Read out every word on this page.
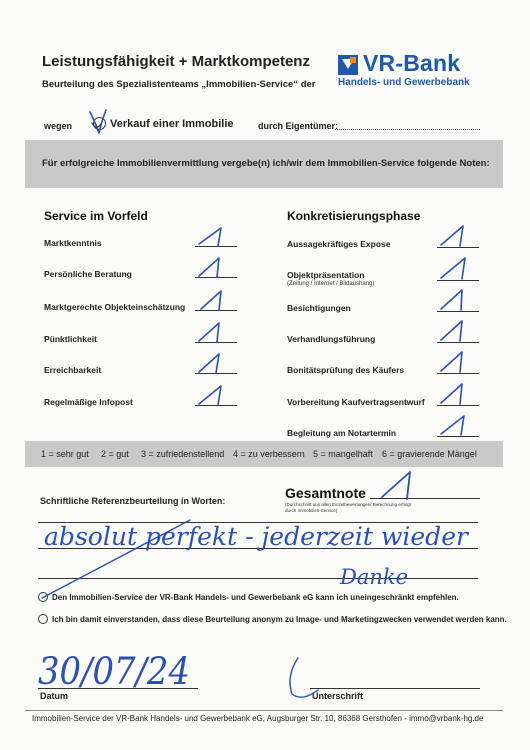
Leistungsfähigkeit + Marktkompetenz
Beurteilung des Spezialistenteams „Immobilien-Service“ der
VR-Bank
Handels- und Gewerbebank
wegen	Verkauf einer Immobilie	durch Eigentümer:
Für erfolgreiche Immobilienvermittlung vergebe(n) ich/wir dem Immobilien-Service folgende Noten:
Service im Vorfeld	Konkretisierungsphase
Marktkenntnis
Persönliche Beratung
Marktgerechte Objekteinschätzung
Pünktlichkeit
Erreichbarkeit
Regelmäßige Infopost
Aussagekräftiges Expose
Objektpräsentation
(Zeitung / Internet / Bildaushang)
Besichtigungen
Verhandlungsführung
Bonitätsprüfung des Käufers
Vorbereitung Kaufvertragsentwurf
Begleitung am Notartermin
1 = sehr gut 2 = gut 3 = zufriedenstellend 4 = zu verbessern 5 = mangelhaft 6 = gravierende Mängel
Schriftliche Referenzbeurteilung in Worten:	Gesamtnote
(Durchschnitt aus allen Einzelbewertungen/ Berechnung erfolgt durch Immobilien-Service)
Den Immobilien-Service der VR-Bank Handels- und Gewerbebank eG kann ich uneingeschränkt empfehlen.
Ich bin damit einverstanden, dass diese Beurteilung anonym zu Image- und Marketingzwecken verwendet werden kann.
Datum	Unterschrift
Immobilien-Service der VR-Bank Handels- und Gewerbebank eG, Augsburger Str. 10, 86368 Gersthofen - immo@vrbank-hg.de
absolut perfekt - jederzeit wieder
Danke
30/07/24
